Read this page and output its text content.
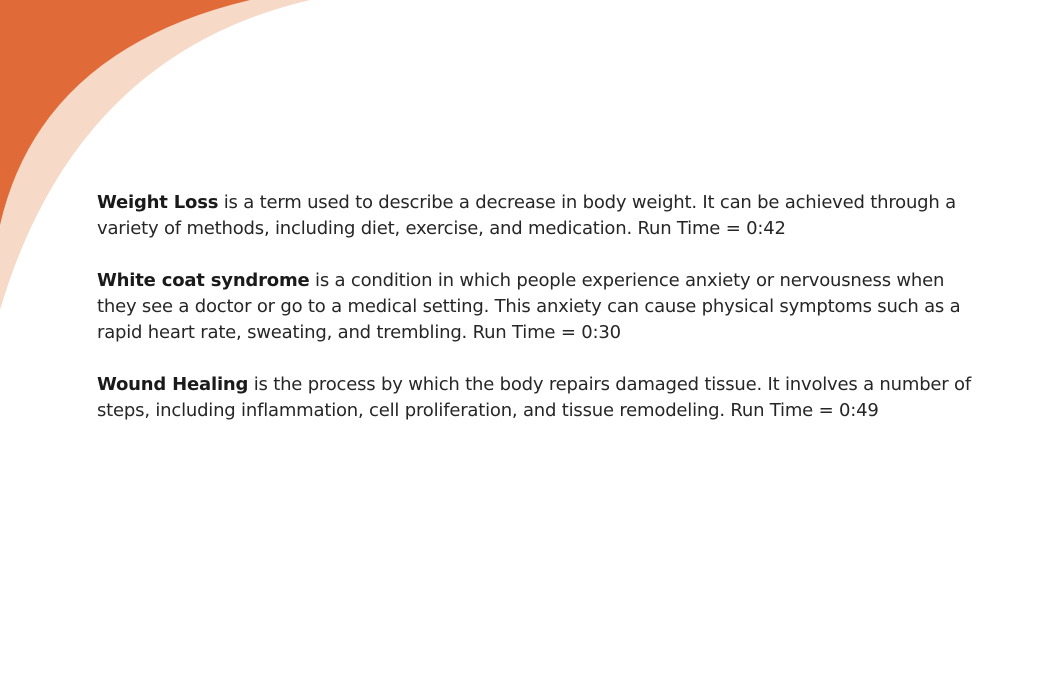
Weight Loss is a term used to describe a decrease in body weight. It can be achieved through a variety of methods, including diet, exercise, and medication. Run Time = 0:42

White coat syndrome is a condition in which people experience anxiety or nervousness when they see a doctor or go to a medical setting. This anxiety can cause physical symptoms such as a rapid heart rate, sweating, and trembling. Run Time = 0:30

Wound Healing is the process by which the body repairs damaged tissue. It involves a number of steps, including inflammation, cell proliferation, and tissue remodeling. Run Time = 0:49
